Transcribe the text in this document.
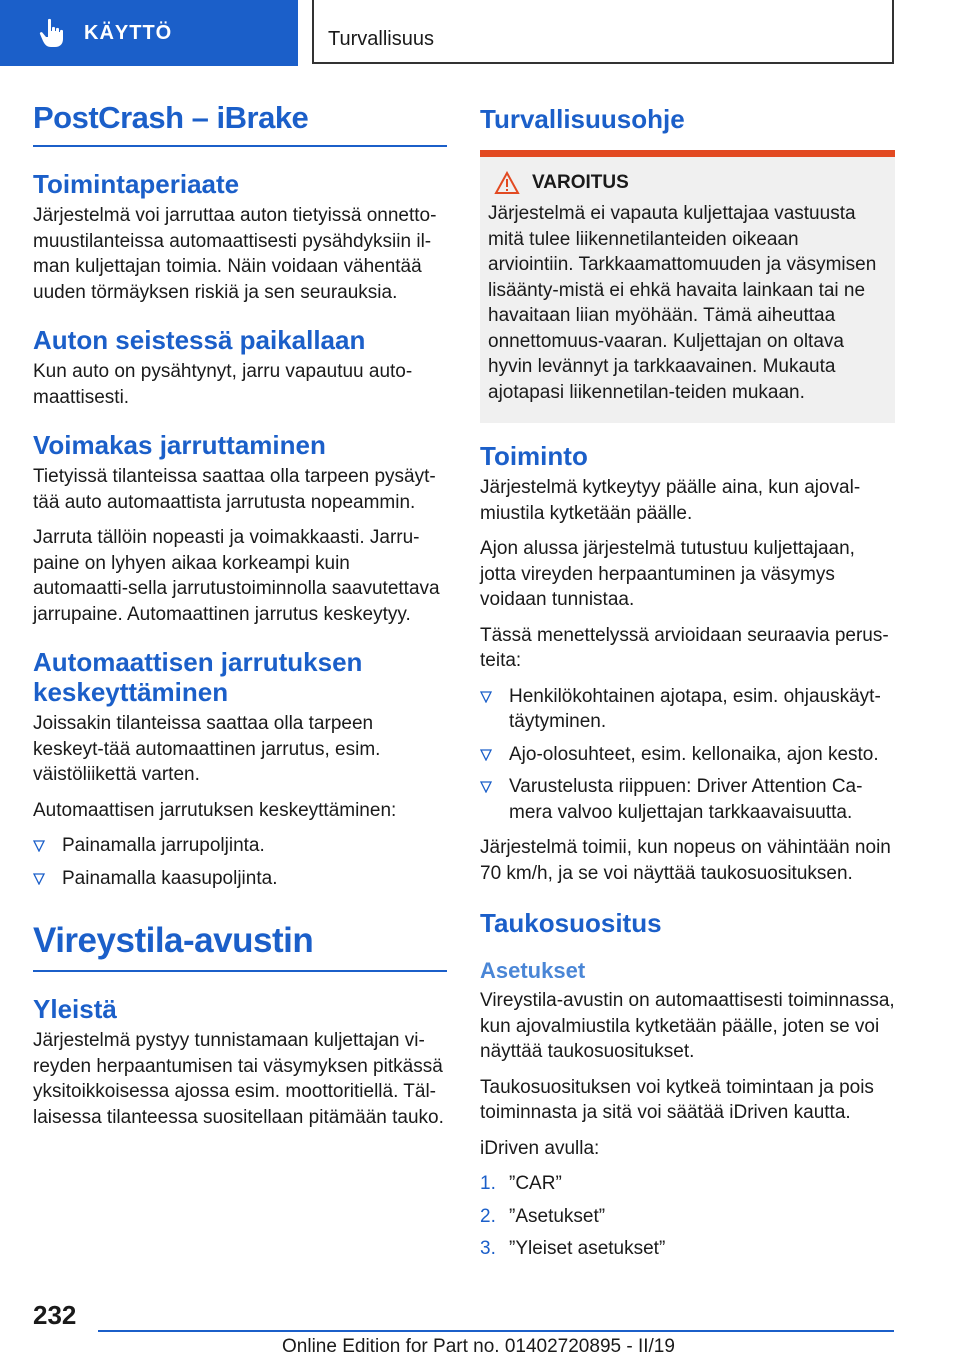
KÄYTTÖ	Turvallisuus
PostCrash – iBrake
Toimintaperiaate

Järjestelmä voi jarruttaa auton tietyissä onnetto-muustilanteissa automaattisesti pysähdyksiin il-man kuljettajan toimia. Näin voidaan vähentää uuden törmäyksen riskiä ja sen seurauksia.

Auton seistessä paikallaan

Kun auto on pysähtynyt, jarru vapautuu auto-maattisesti.

Voimakas jarruttaminen

Tietyissä tilanteissa saattaa olla tarpeen pysäyt-tää auto automaattista jarrutusta nopeammin.

Jarruta tällöin nopeasti ja voimakkaasti. Jarru-paine on lyhyen aikaa korkeampi kuin automaatti-sella jarrutustoiminnolla saavutettava jarrupaine. Automaattinen jarrutus keskeytyy.

Automaattisen jarrutuksen keskeyttäminen

Joissakin tilanteissa saattaa olla tarpeen keskeyt-tää automaattinen jarrutus, esim. väistöliikettä varten.

Automaattisen jarrutuksen keskeyttäminen:

Painamalla jarrupoljinta.
Painamalla kaasupoljinta.
Vireystila-avustin
Yleistä

Järjestelmä pystyy tunnistamaan kuljettajan vi-reyden herpaantumisen tai väsymyksen pitkässä yksitoikkoisessa ajossa esim. moottoritiellä. Täl-laisessa tilanteessa suositellaan pitämään tauko.

Turvallisuusohje
VAROITUS

Järjestelmä ei vapauta kuljettajaa vastuusta mitä tulee liikennetilanteiden oikeaan arviointiin. Tarkkaamattomuuden ja väsymisen lisäänty-mistä ei ehkä havaita lainkaan tai ne havaitaan liian myöhään. Tämä aiheuttaa onnettomuus-vaaran. Kuljettajan on oltava hyvin levännyt ja tarkkaavainen. Mukauta ajotapasi liikennetilan-teiden mukaan.

Toiminto

Järjestelmä kytkeytyy päälle aina, kun ajoval-miustila kytketään päälle.

Ajon alussa järjestelmä tutustuu kuljettajaan, jotta vireyden herpaantuminen ja väsymys voidaan tunnistaa.

Tässä menettelyssä arvioidaan seuraavia perus-teita:

Henkilökohtainen ajotapa, esim. ohjauskäyt-täytyminen.
Ajo-olosuhteet, esim. kellonaika, ajon kesto.
Varustelusta riippuen: Driver Attention Ca-mera valvoo kuljettajan tarkkaavaisuutta.

Järjestelmä toimii, kun nopeus on vähintään noin 70 km/h, ja se voi näyttää taukosuosituksen.

Taukosuositus
Asetukset

Vireystila-avustin on automaattisesti toiminnassa, kun ajovalmiustila kytketään päälle, joten se voi näyttää taukosuositukset.

Taukosuosituksen voi kytkeä toimintaan ja pois toiminnasta ja sitä voi säätää iDriven kautta.

iDriven avulla:

1. ”CAR”
2. ”Asetukset”
3. ”Yleiset asetukset”
232
Online Edition for Part no. 01402720895 - II/19
